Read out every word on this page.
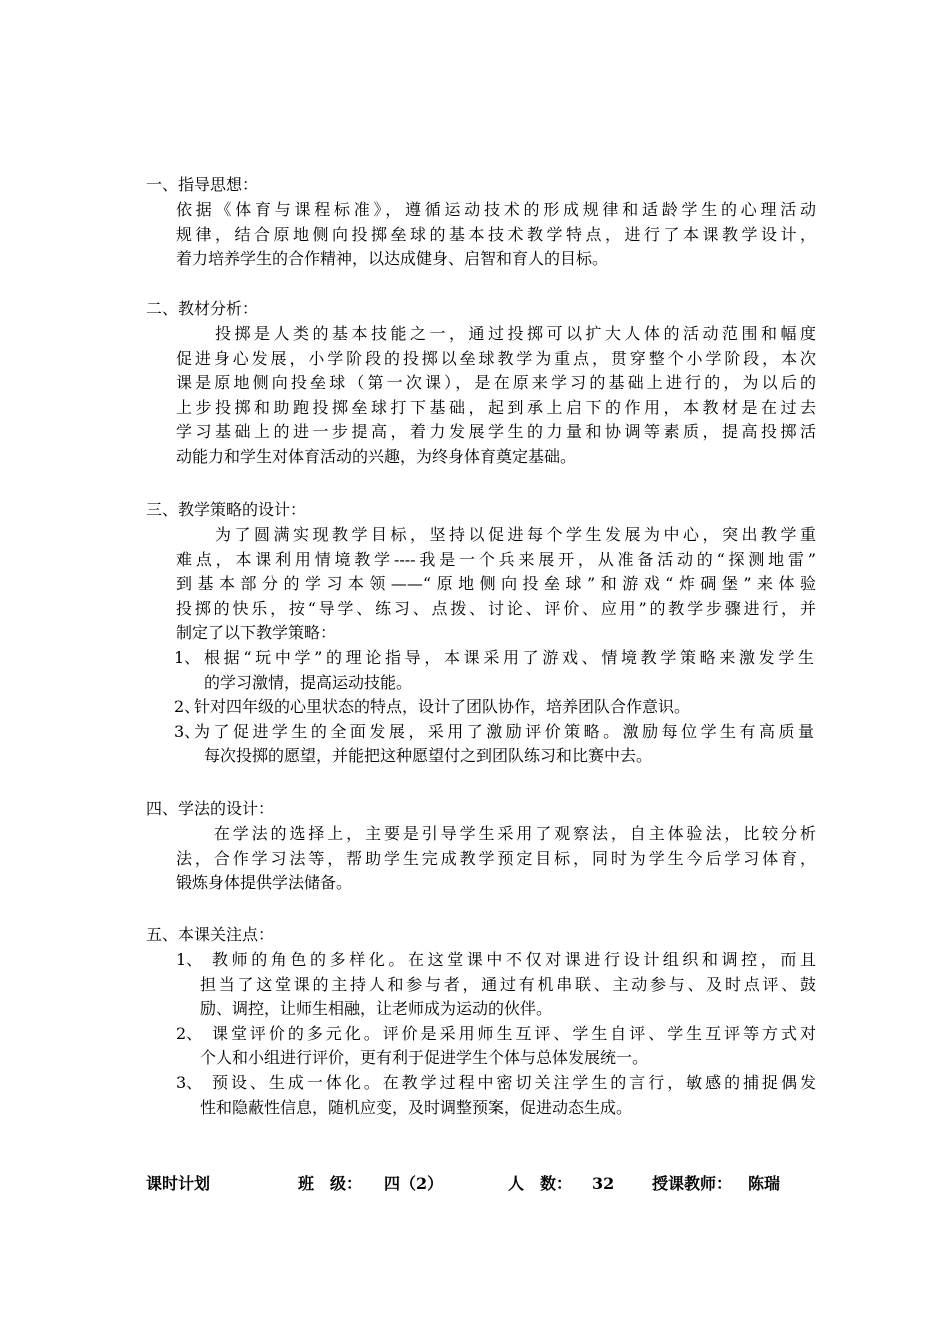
一、指导思想：
依据《体育与课程标准》，遵循运动技术的形成规律和适龄学生的心理活动
规律，结合原地侧向投掷垒球的基本技术教学特点，进行了本课教学设计，
着力培养学生的合作精神，以达成健身、启智和育人的目标。
二、教材分析：
　　投掷是人类的基本技能之一，通过投掷可以扩大人体的活动范围和幅度
促进身心发展，小学阶段的投掷以垒球教学为重点，贯穿整个小学阶段，本次
课是原地侧向投垒球（第一次课），是在原来学习的基础上进行的，为以后的
上步投掷和助跑投掷垒球打下基础，起到承上启下的作用，本教材是在过去
学习基础上的进一步提高，着力发展学生的力量和协调等素质，提高投掷活
动能力和学生对体育活动的兴趣，为终身体育奠定基础。
三、教学策略的设计：
　　为了圆满实现教学目标，坚持以促进每个学生发展为中心，突出教学重
难点，本课利用情境教学----我是一个兵来展开，从准备活动的“探测地雷”
到基本部分的学习本领——“原地侧向投垒球”和游戏“炸碉堡”来体验
投掷的快乐，按“导学、练习、点拨、讨论、评价、应用”的教学步骤进行，并
制定了以下教学策略：
1、 根据“玩中学”的理论指导，本课采用了游戏、情境教学策略来激发学生
的学习激情，提高运动技能。
2、
针对四年级的心里状态的特点，设计了团队协作，培养团队合作意识。
3、
为了促进学生的全面发展，采用了激励评价策略。激励每位学生有高质量
每次投掷的愿望，并能把这种愿望付之到团队练习和比赛中去。
四、学法的设计：
　　在学法的选择上，主要是引导学生采用了观察法，自主体验法，比较分析
法，合作学习法等，帮助学生完成教学预定目标，同时为学生今后学习体育，
锻炼身体提供学法储备。
五、本课关注点：
1、 教师的角色的多样化。在这堂课中不仅对课进行设计组织和调控，而且
担当了这堂课的主持人和参与者，通过有机串联、主动参与、及时点评、鼓
励、调控，让师生相融，让老师成为运动的伙伴。
2、 课堂评价的多元化。评价是采用师生互评、学生自评、学生互评等方式对
个人和小组进行评价，更有利于促进学生个体与总体发展统一。
3、 预设、生成一体化。在教学过程中密切关注学生的言行，敏感的捕捉偶发
性和隐蔽性信息，随机应变，及时调整预案，促进动态生成。
课时计划	班　级： 四（2）	人　数： 32 授课教师： 陈瑞
